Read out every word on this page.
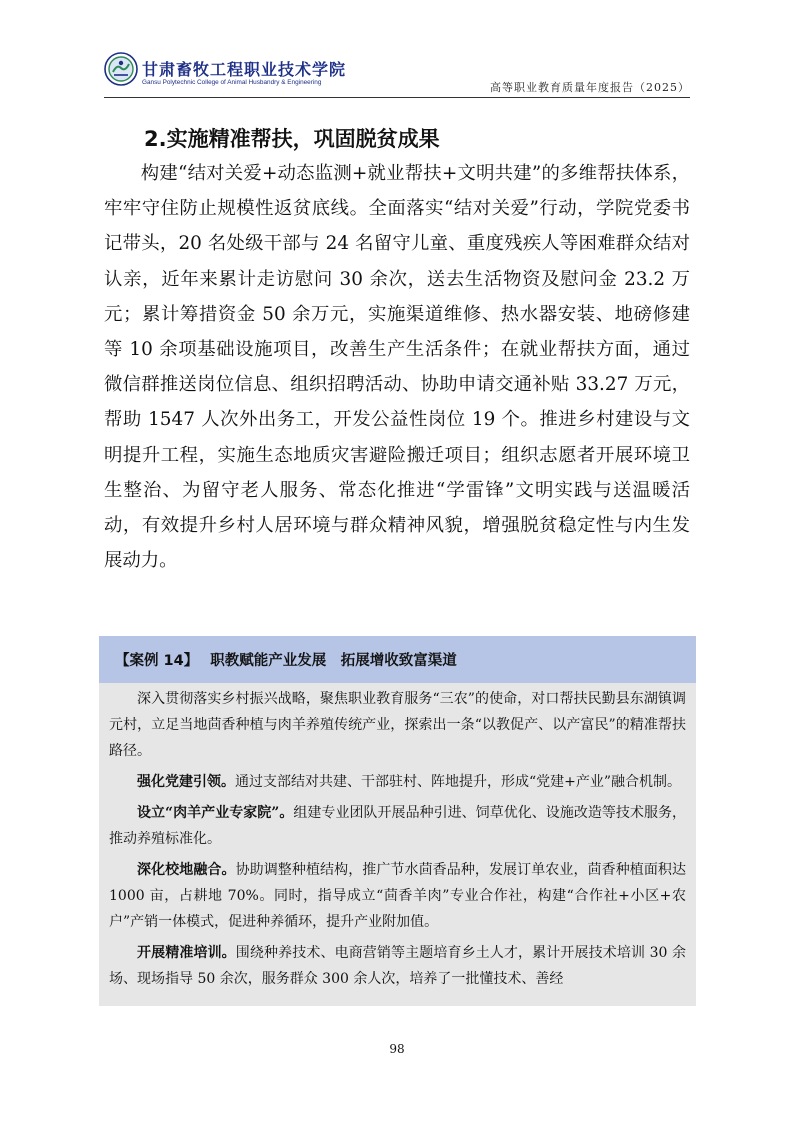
甘肃畜牧工程职业技术学院
Gansu Polytechnic College of Animal Husbandry & Engineering	高等职业教育质量年度报告（2025）
2.实施精准帮扶，巩固脱贫成果

构建“结对关爱+动态监测+就业帮扶+文明共建”的多维帮扶体系，牢牢守住防止规模性返贫底线。全面落实“结对关爱”行动，学院党委书记带头，20 名处级干部与 24 名留守儿童、重度残疾人等困难群众结对认亲，近年来累计走访慰问 30 余次，送去生活物资及慰问金 23.2 万元；累计筹措资金 50 余万元，实施渠道维修、热水器安装、地磅修建等 10 余项基础设施项目，改善生产生活条件；在就业帮扶方面，通过微信群推送岗位信息、组织招聘活动、协助申请交通补贴 33.27 万元，帮助 1547 人次外出务工，开发公益性岗位 19 个。推进乡村建设与文明提升工程，实施生态地质灾害避险搬迁项目；组织志愿者开展环境卫生整治、为留守老人服务、常态化推进“学雷锋”文明实践与送温暖活动，有效提升乡村人居环境与群众精神风貌，增强脱贫稳定性与内生发展动力。

【案例 14】 职教赋能产业发展　拓展增收致富渠道

深入贯彻落实乡村振兴战略，聚焦职业教育服务“三农”的使命，对口帮扶民勤县东湖镇调元村，立足当地茴香种植与肉羊养殖传统产业，探索出一条“以教促产、以产富民”的精准帮扶路径。

强化党建引领。通过支部结对共建、干部驻村、阵地提升，形成“党建+产业”融合机制。

设立“肉羊产业专家院”。组建专业团队开展品种引进、饲草优化、设施改造等技术服务，推动养殖标准化。

深化校地融合。协助调整种植结构，推广节水茴香品种，发展订单农业，茴香种植面积达 1000 亩，占耕地 70%。同时，指导成立“茴香羊肉”专业合作社，构建“合作社+小区+农户”产销一体模式，促进种养循环，提升产业附加值。

开展精准培训。围绕种养技术、电商营销等主题培育乡土人才，累计开展技术培训 30 余场、现场指导 50 余次，服务群众 300 余人次，培养了一批懂技术、善经

98
